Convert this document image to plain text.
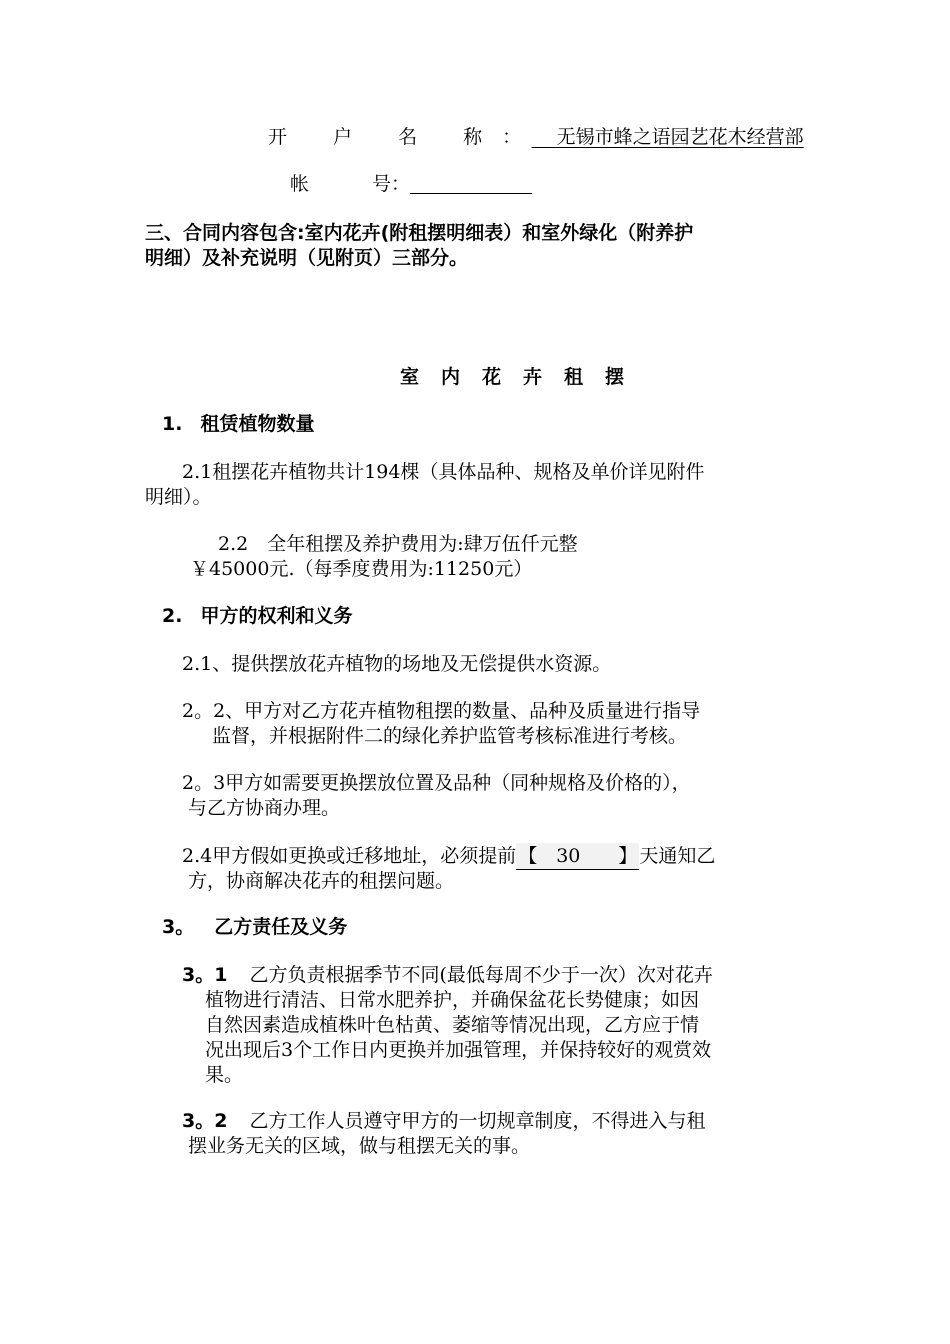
开 户 名 称：　 无锡市蜂之语园艺花木经营部
帐　　　 号：
三、合同内容包含:室内花卉(附租摆明细表）和室外绿化（附养护
明细）及补充说明（见附页）三部分。
室内花卉租摆
1. 租赁植物数量
2.1租摆花卉植物共计194棵（具体品种、规格及单价详见附件
明细）。
2.2　全年租摆及养护费用为:肆万伍仟元整
￥45000元.（每季度费用为:11250元）
2. 甲方的权利和义务
2.1、提供摆放花卉植物的场地及无偿提供水资源。
2。2、甲方对乙方花卉植物租摆的数量、品种及质量进行指导
监督，并根据附件二的绿化养护监管考核标准进行考核。
2。3甲方如需要更换摆放位置及品种（同种规格及价格的），
与乙方协商办理。
2.4甲方假如更换或迁移地址，必须提前 【　30　　】 天通知乙
方，协商解决花卉的租摆问题。
3。 乙方责任及义务
3。1 乙方负责根据季节不同(最低每周不少于一次）次对花卉
植物进行清洁、日常水肥养护，并确保盆花长势健康；如因
自然因素造成植株叶色枯黄、萎缩等情况出现，乙方应于情
况出现后3个工作日内更换并加强管理，并保持较好的观赏效
果。
3。2 乙方工作人员遵守甲方的一切规章制度，不得进入与租
摆业务无关的区域，做与租摆无关的事。
